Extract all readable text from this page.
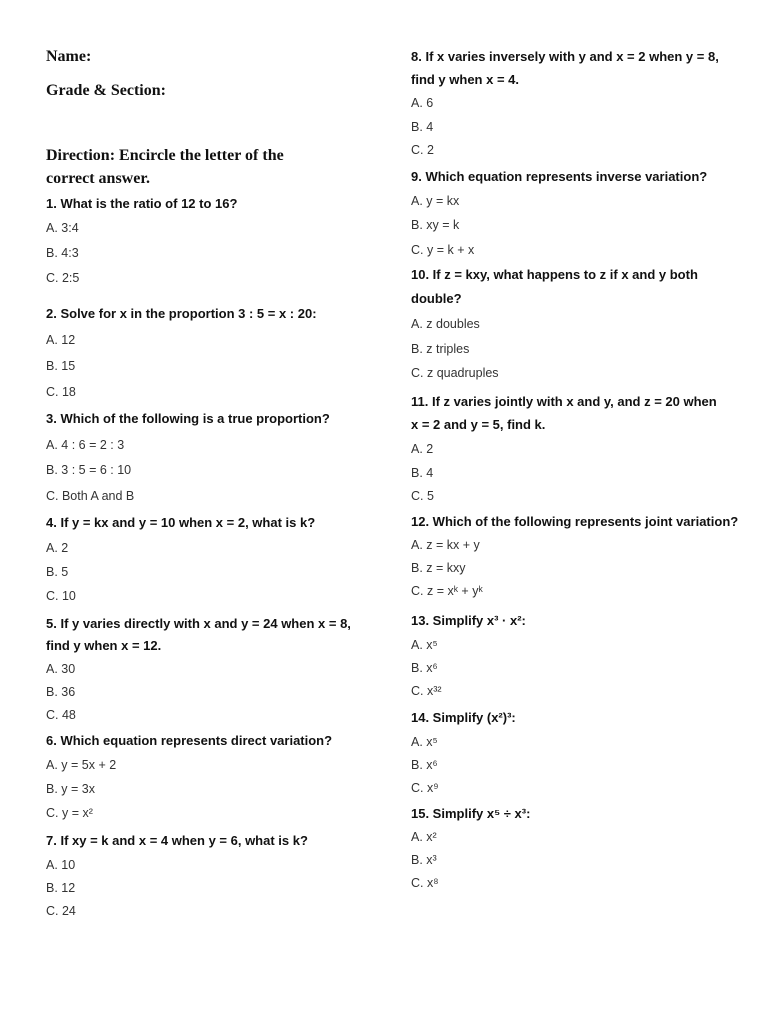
Name:
Grade & Section:
Direction: Encircle the letter of the
correct answer.
1. What is the ratio of 12 to 16?
A. 3:4
B. 4:3
C. 2:5
2. Solve for x in the proportion 3 : 5 = x : 20:
A. 12
B. 15
C. 18
3. Which of the following is a true proportion?
A. 4 : 6 = 2 : 3
B. 3 : 5 = 6 : 10
C. Both A and B
4. If y = kx and y = 10 when x = 2, what is k?
A. 2
B. 5
C. 10
5. If y varies directly with x and y = 24 when x = 8,
find y when x = 12.
A. 30
B. 36
C. 48
6. Which equation represents direct variation?
A. y = 5x + 2
B. y = 3x
C. y = x²
7. If xy = k and x = 4 when y = 6, what is k?
A. 10
B. 12
C. 24
8. If x varies inversely with y and x = 2 when y = 8,
find y when x = 4.
A. 6
B. 4
C. 2
9. Which equation represents inverse variation?
A. y = kx
B. xy = k
C. y = k + x
10. If z = kxy, what happens to z if x and y both
double?
A. z doubles
B. z triples
C. z quadruples
11. If z varies jointly with x and y, and z = 20 when
x = 2 and y = 5, find k.
A. 2
B. 4
C. 5
12. Which of the following represents joint variation?
A. z = kx + y
B. z = kxy
C. z = xᵏ + yᵏ
13. Simplify x³ · x²:
A. x⁵
B. x⁶
C. x³²
14. Simplify (x²)³:
A. x⁵
B. x⁶
C. x⁹
15. Simplify x⁵ ÷ x³:
A. x²
B. x³
C. x⁸
